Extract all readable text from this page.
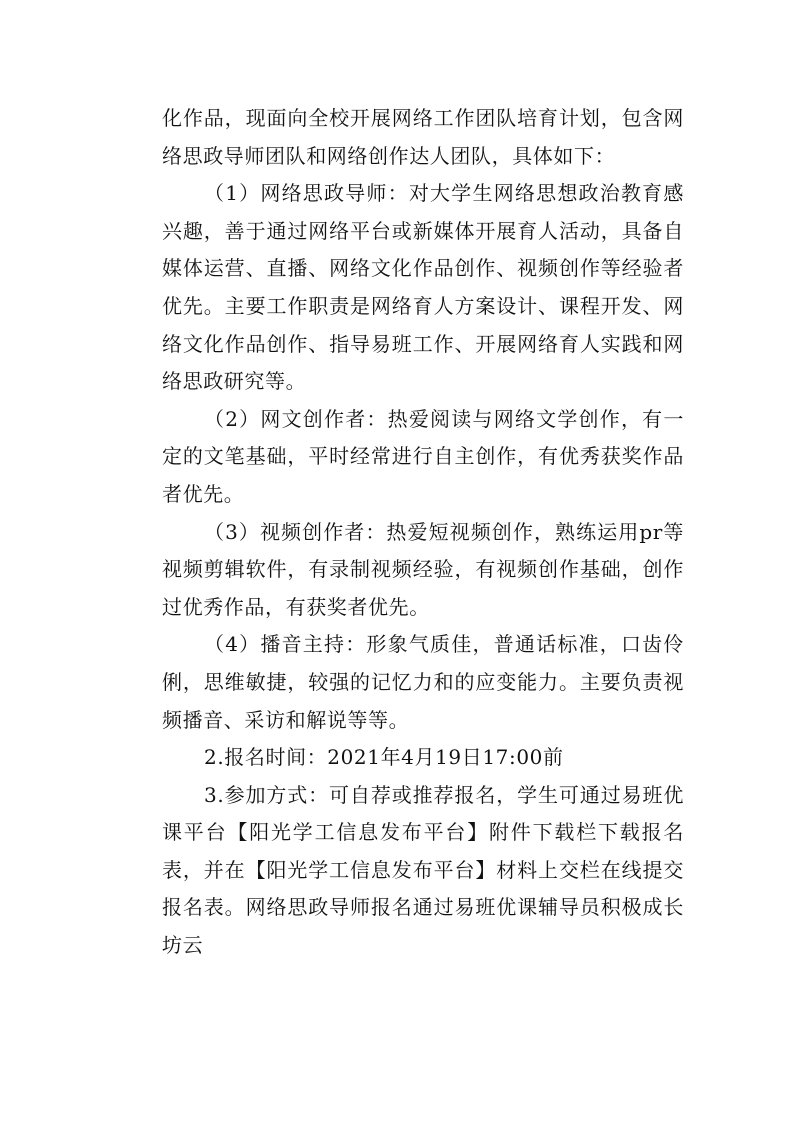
化作品，现面向全校开展网络工作团队培育计划，包含网络思政导师团队和网络创作达人团队，具体如下：

（1）网络思政导师：对大学生网络思想政治教育感兴趣，善于通过网络平台或新媒体开展育人活动，具备自媒体运营、直播、网络文化作品创作、视频创作等经验者优先。主要工作职责是网络育人方案设计、课程开发、网络文化作品创作、指导易班工作、开展网络育人实践和网络思政研究等。

（2）网文创作者：热爱阅读与网络文学创作，有一定的文笔基础，平时经常进行自主创作，有优秀获奖作品者优先。

（3）视频创作者：热爱短视频创作，熟练运用pr等视频剪辑软件，有录制视频经验，有视频创作基础，创作过优秀作品，有获奖者优先。

（4）播音主持：形象气质佳，普通话标准，口齿伶俐，思维敏捷，较强的记忆力和的应变能力。主要负责视频播音、采访和解说等等。

2.报名时间：2021年4月19日17:00前

3.参加方式：可自荐或推荐报名，学生可通过易班优课平台【阳光学工信息发布平台】附件下载栏下载报名表，并在【阳光学工信息发布平台】材料上交栏在线提交报名表。网络思政导师报名通过易班优课辅导员积极成长坊云
